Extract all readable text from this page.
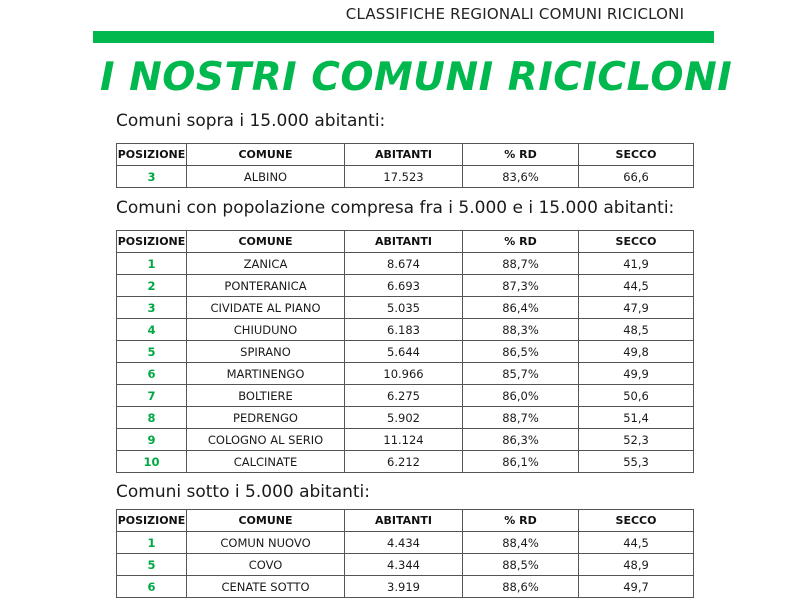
CLASSIFICHE REGIONALI COMUNI RICICLONI
I NOSTRI COMUNI RICICLONI
Comuni sopra i 15.000 abitanti:
POSIZIONE	COMUNE	ABITANTI	% RD	SECCO
3	ALBINO	17.523	83,6%	66,6
Comuni con popolazione compresa fra i 5.000 e i 15.000 abitanti:
POSIZIONE	COMUNE	ABITANTI	% RD	SECCO
1	ZANICA	8.674	88,7%	41,9
2	PONTERANICA	6.693	87,3%	44,5
3	CIVIDATE AL PIANO	5.035	86,4%	47,9
4	CHIUDUNO	6.183	88,3%	48,5
5	SPIRANO	5.644	86,5%	49,8
6	MARTINENGO	10.966	85,7%	49,9
7	BOLTIERE	6.275	86,0%	50,6
8	PEDRENGO	5.902	88,7%	51,4
9	COLOGNO AL SERIO	11.124	86,3%	52,3
10	CALCINATE	6.212	86,1%	55,3
Comuni sotto i 5.000 abitanti:
POSIZIONE	COMUNE	ABITANTI	% RD	SECCO
1	COMUN NUOVO	4.434	88,4%	44,5
5	COVO	4.344	88,5%	48,9
6	CENATE SOTTO	3.919	88,6%	49,7
